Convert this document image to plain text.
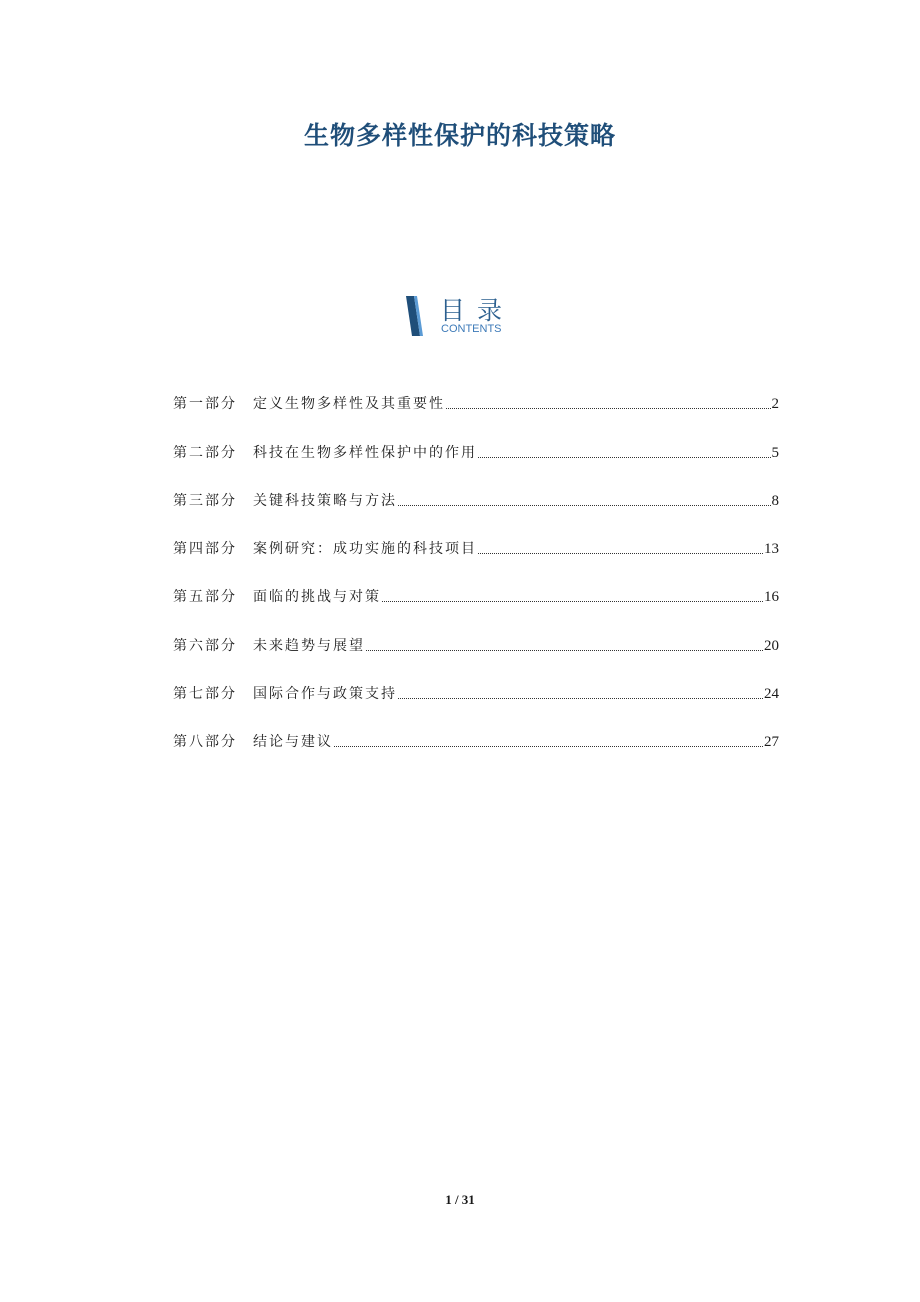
生物多样性保护的科技策略
目录
CONTENTS
第一部分	定义生物多样性及其重要性	2
第二部分	科技在生物多样性保护中的作用	5
第三部分	关键科技策略与方法	8
第四部分	案例研究：成功实施的科技项目	13
第五部分	面临的挑战与对策	16
第六部分	未来趋势与展望	20
第七部分	国际合作与政策支持	24
第八部分	结论与建议	27
1 / 31
